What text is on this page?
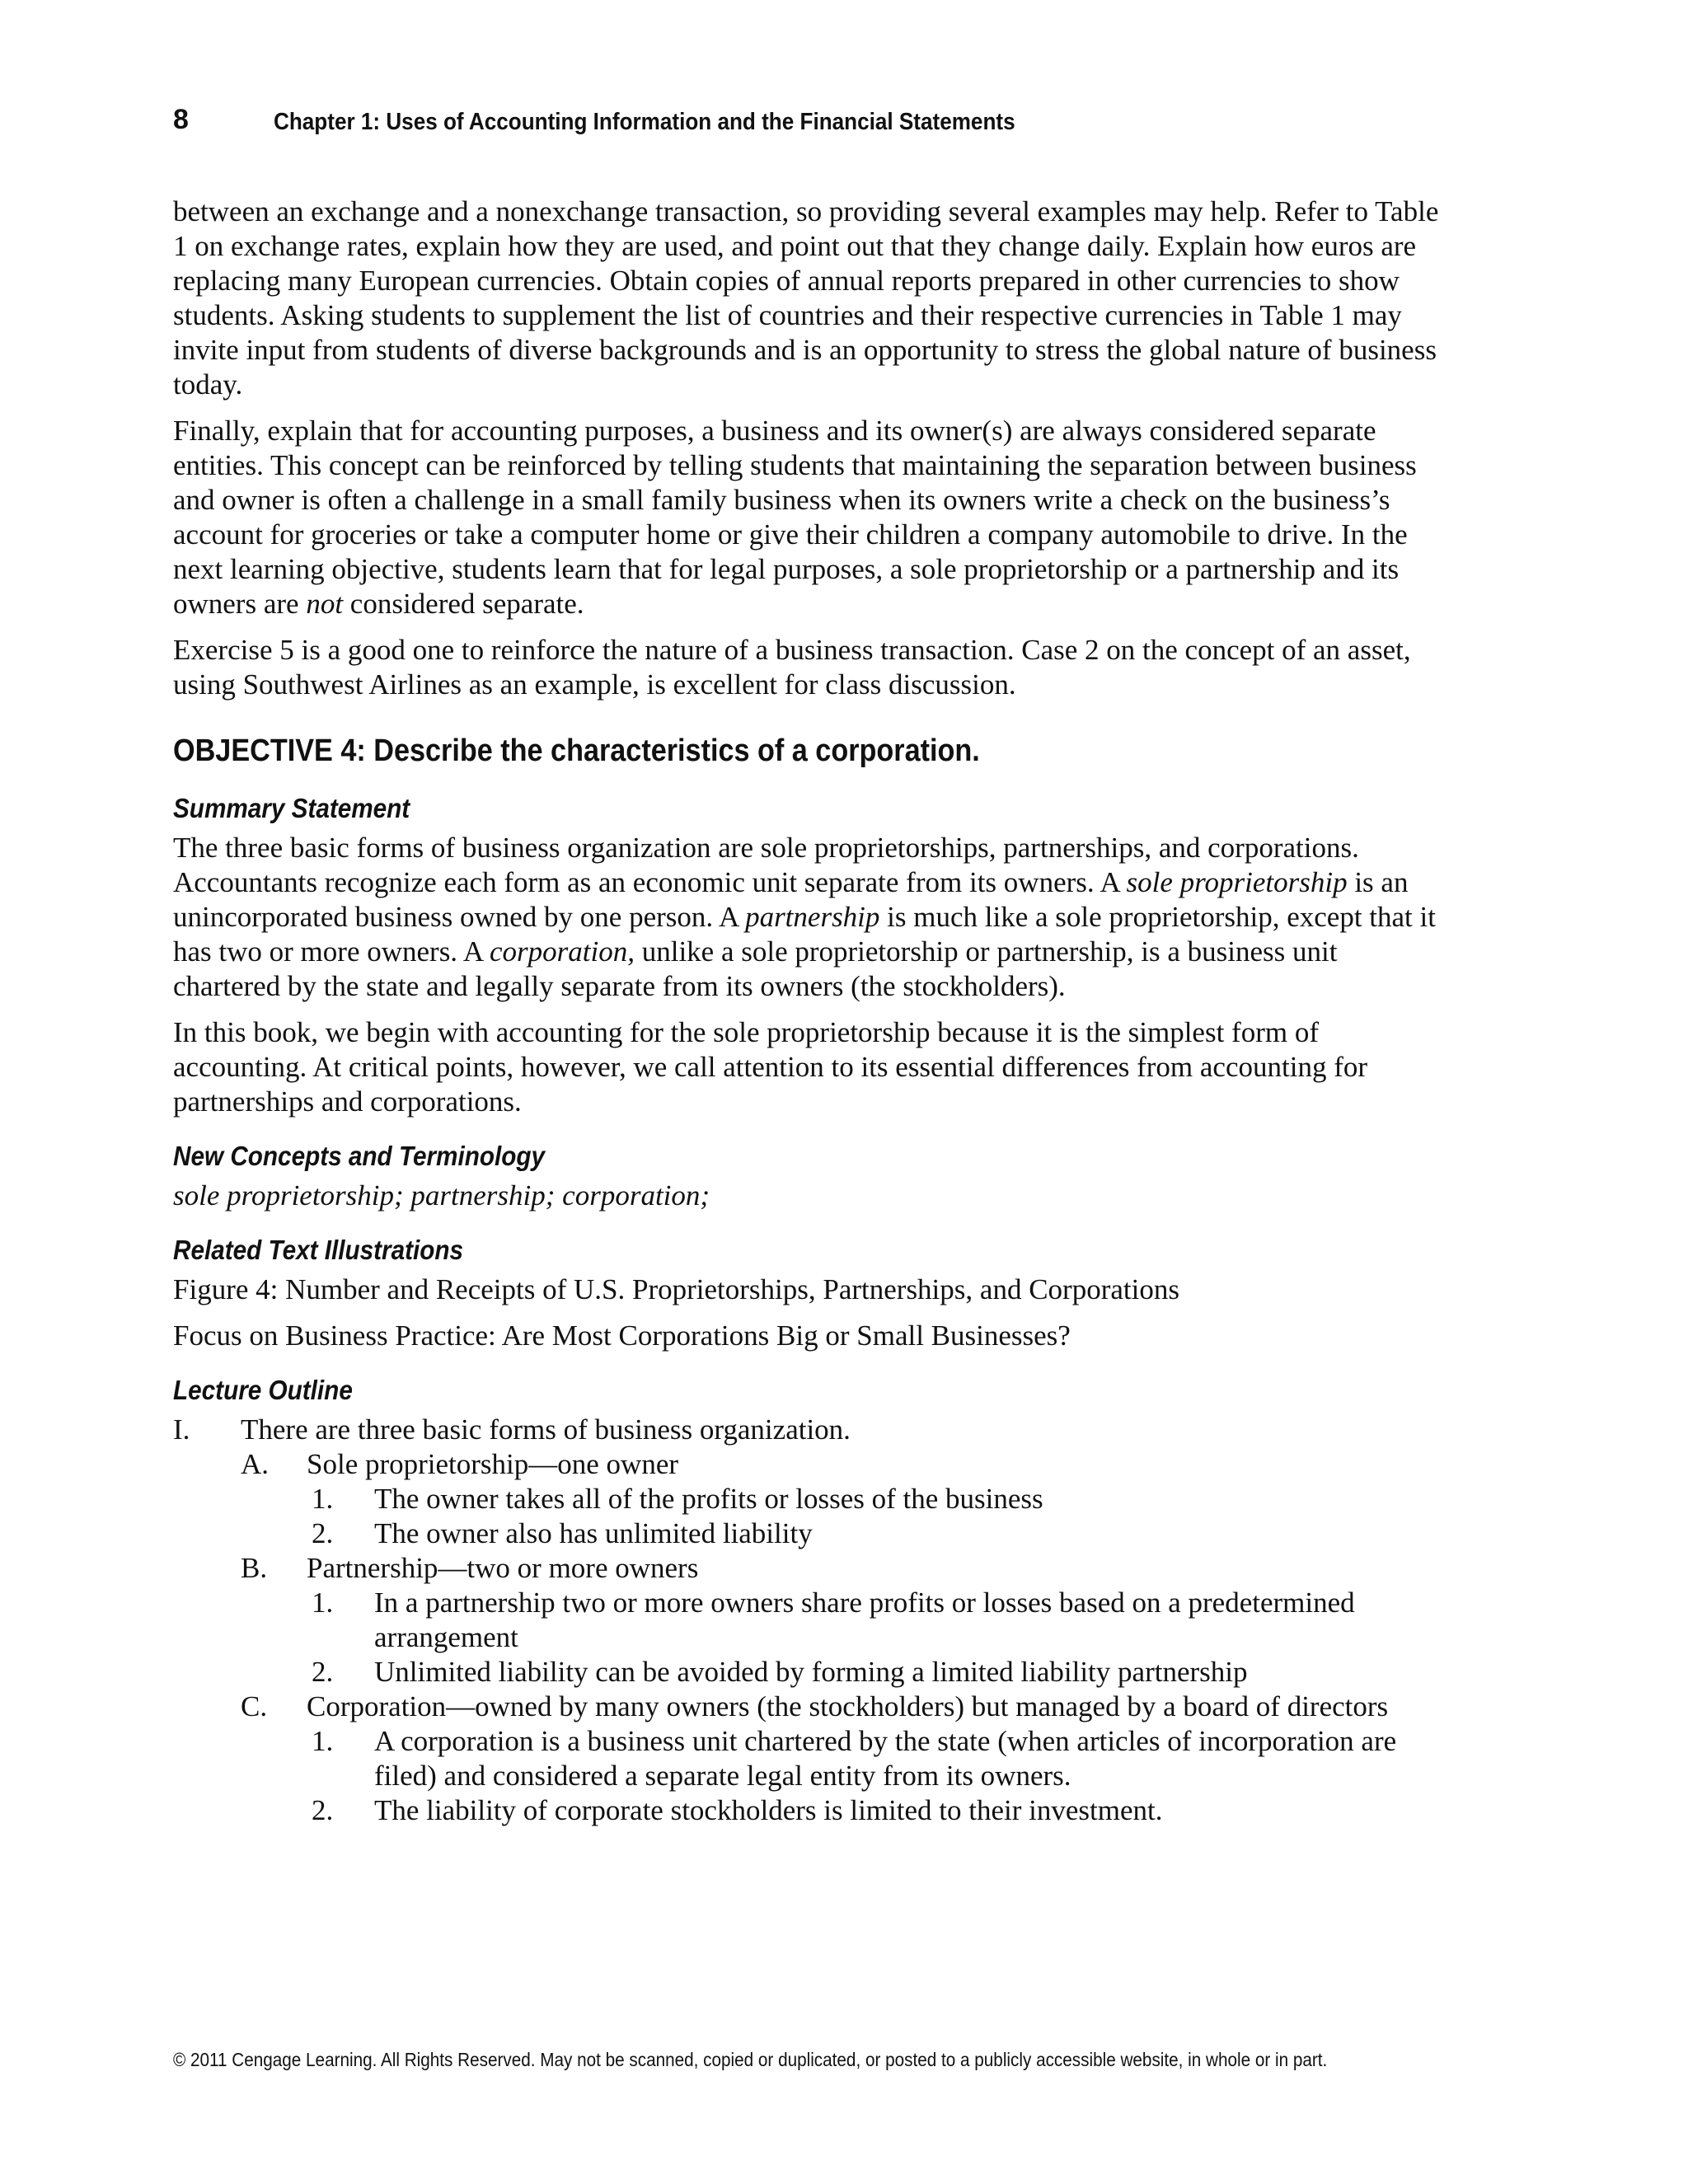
8	Chapter 1: Uses of Accounting Information and the Financial Statements

between an exchange and a nonexchange transaction, so providing several examples may help. Refer to Table 1 on exchange rates, explain how they are used, and point out that they change daily. Explain how euros are replacing many European currencies. Obtain copies of annual reports prepared in other currencies to show students. Asking students to supplement the list of countries and their respective currencies in Table 1 may invite input from students of diverse backgrounds and is an opportunity to stress the global nature of business today.

Finally, explain that for accounting purposes, a business and its owner(s) are always considered separate entities. This concept can be reinforced by telling students that maintaining the separation between business and owner is often a challenge in a small family business when its owners write a check on the business’s account for groceries or take a computer home or give their children a company automobile to drive. In the next learning objective, students learn that for legal purposes, a sole proprietorship or a partnership and its owners are not considered separate.

Exercise 5 is a good one to reinforce the nature of a business transaction. Case 2 on the concept of an asset, using Southwest Airlines as an example, is excellent for class discussion.

OBJECTIVE 4: Describe the characteristics of a corporation.
Summary Statement

The three basic forms of business organization are sole proprietorships, partnerships, and corporations. Accountants recognize each form as an economic unit separate from its owners. A sole proprietorship is an unincorporated business owned by one person. A partnership is much like a sole proprietorship, except that it has two or more owners. A corporation, unlike a sole proprietorship or partnership, is a business unit chartered by the state and legally separate from its owners (the stockholders).

In this book, we begin with accounting for the sole proprietorship because it is the simplest form of accounting. At critical points, however, we call attention to its essential differences from accounting for partnerships and corporations.

New Concepts and Terminology

sole proprietorship; partnership; corporation;

Related Text Illustrations

Figure 4: Number and Receipts of U.S. Proprietorships, Partnerships, and Corporations

Focus on Business Practice: Are Most Corporations Big or Small Businesses?

Lecture Outline
I. There are three basic forms of business organization.
A. Sole proprietorship—one owner
1. The owner takes all of the profits or losses of the business
2. The owner also has unlimited liability
B. Partnership—two or more owners
1. In a partnership two or more owners share profits or losses based on a predetermined arrangement
2. Unlimited liability can be avoided by forming a limited liability partnership
C. Corporation—owned by many owners (the stockholders) but managed by a board of directors
1. A corporation is a business unit chartered by the state (when articles of incorporation are filed) and considered a separate legal entity from its owners.
2. The liability of corporate stockholders is limited to their investment.
© 2011 Cengage Learning. All Rights Reserved. May not be scanned, copied or duplicated, or posted to a publicly accessible website, in whole or in part.
